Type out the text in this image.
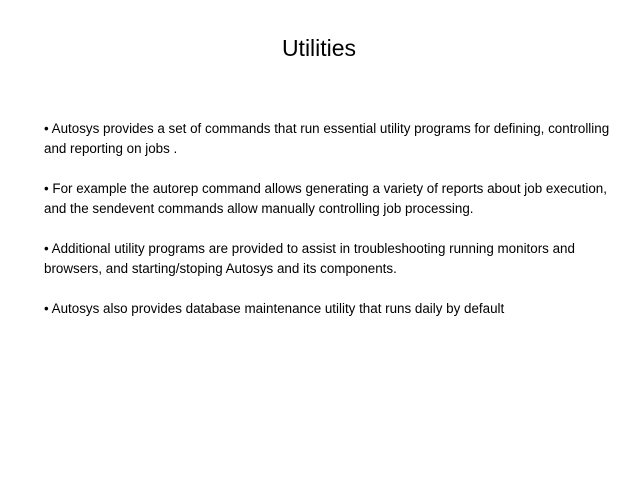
Utilities

• Autosys provides a set of commands that run essential utility programs for defining, controlling and reporting on jobs .

• For example the autorep command allows generating a variety of reports about job execution, and the sendevent commands allow manually controlling job processing.

• Additional utility programs are provided to assist in troubleshooting running monitors and browsers, and starting/stoping Autosys and its components.

• Autosys also provides database maintenance utility that runs daily by default
